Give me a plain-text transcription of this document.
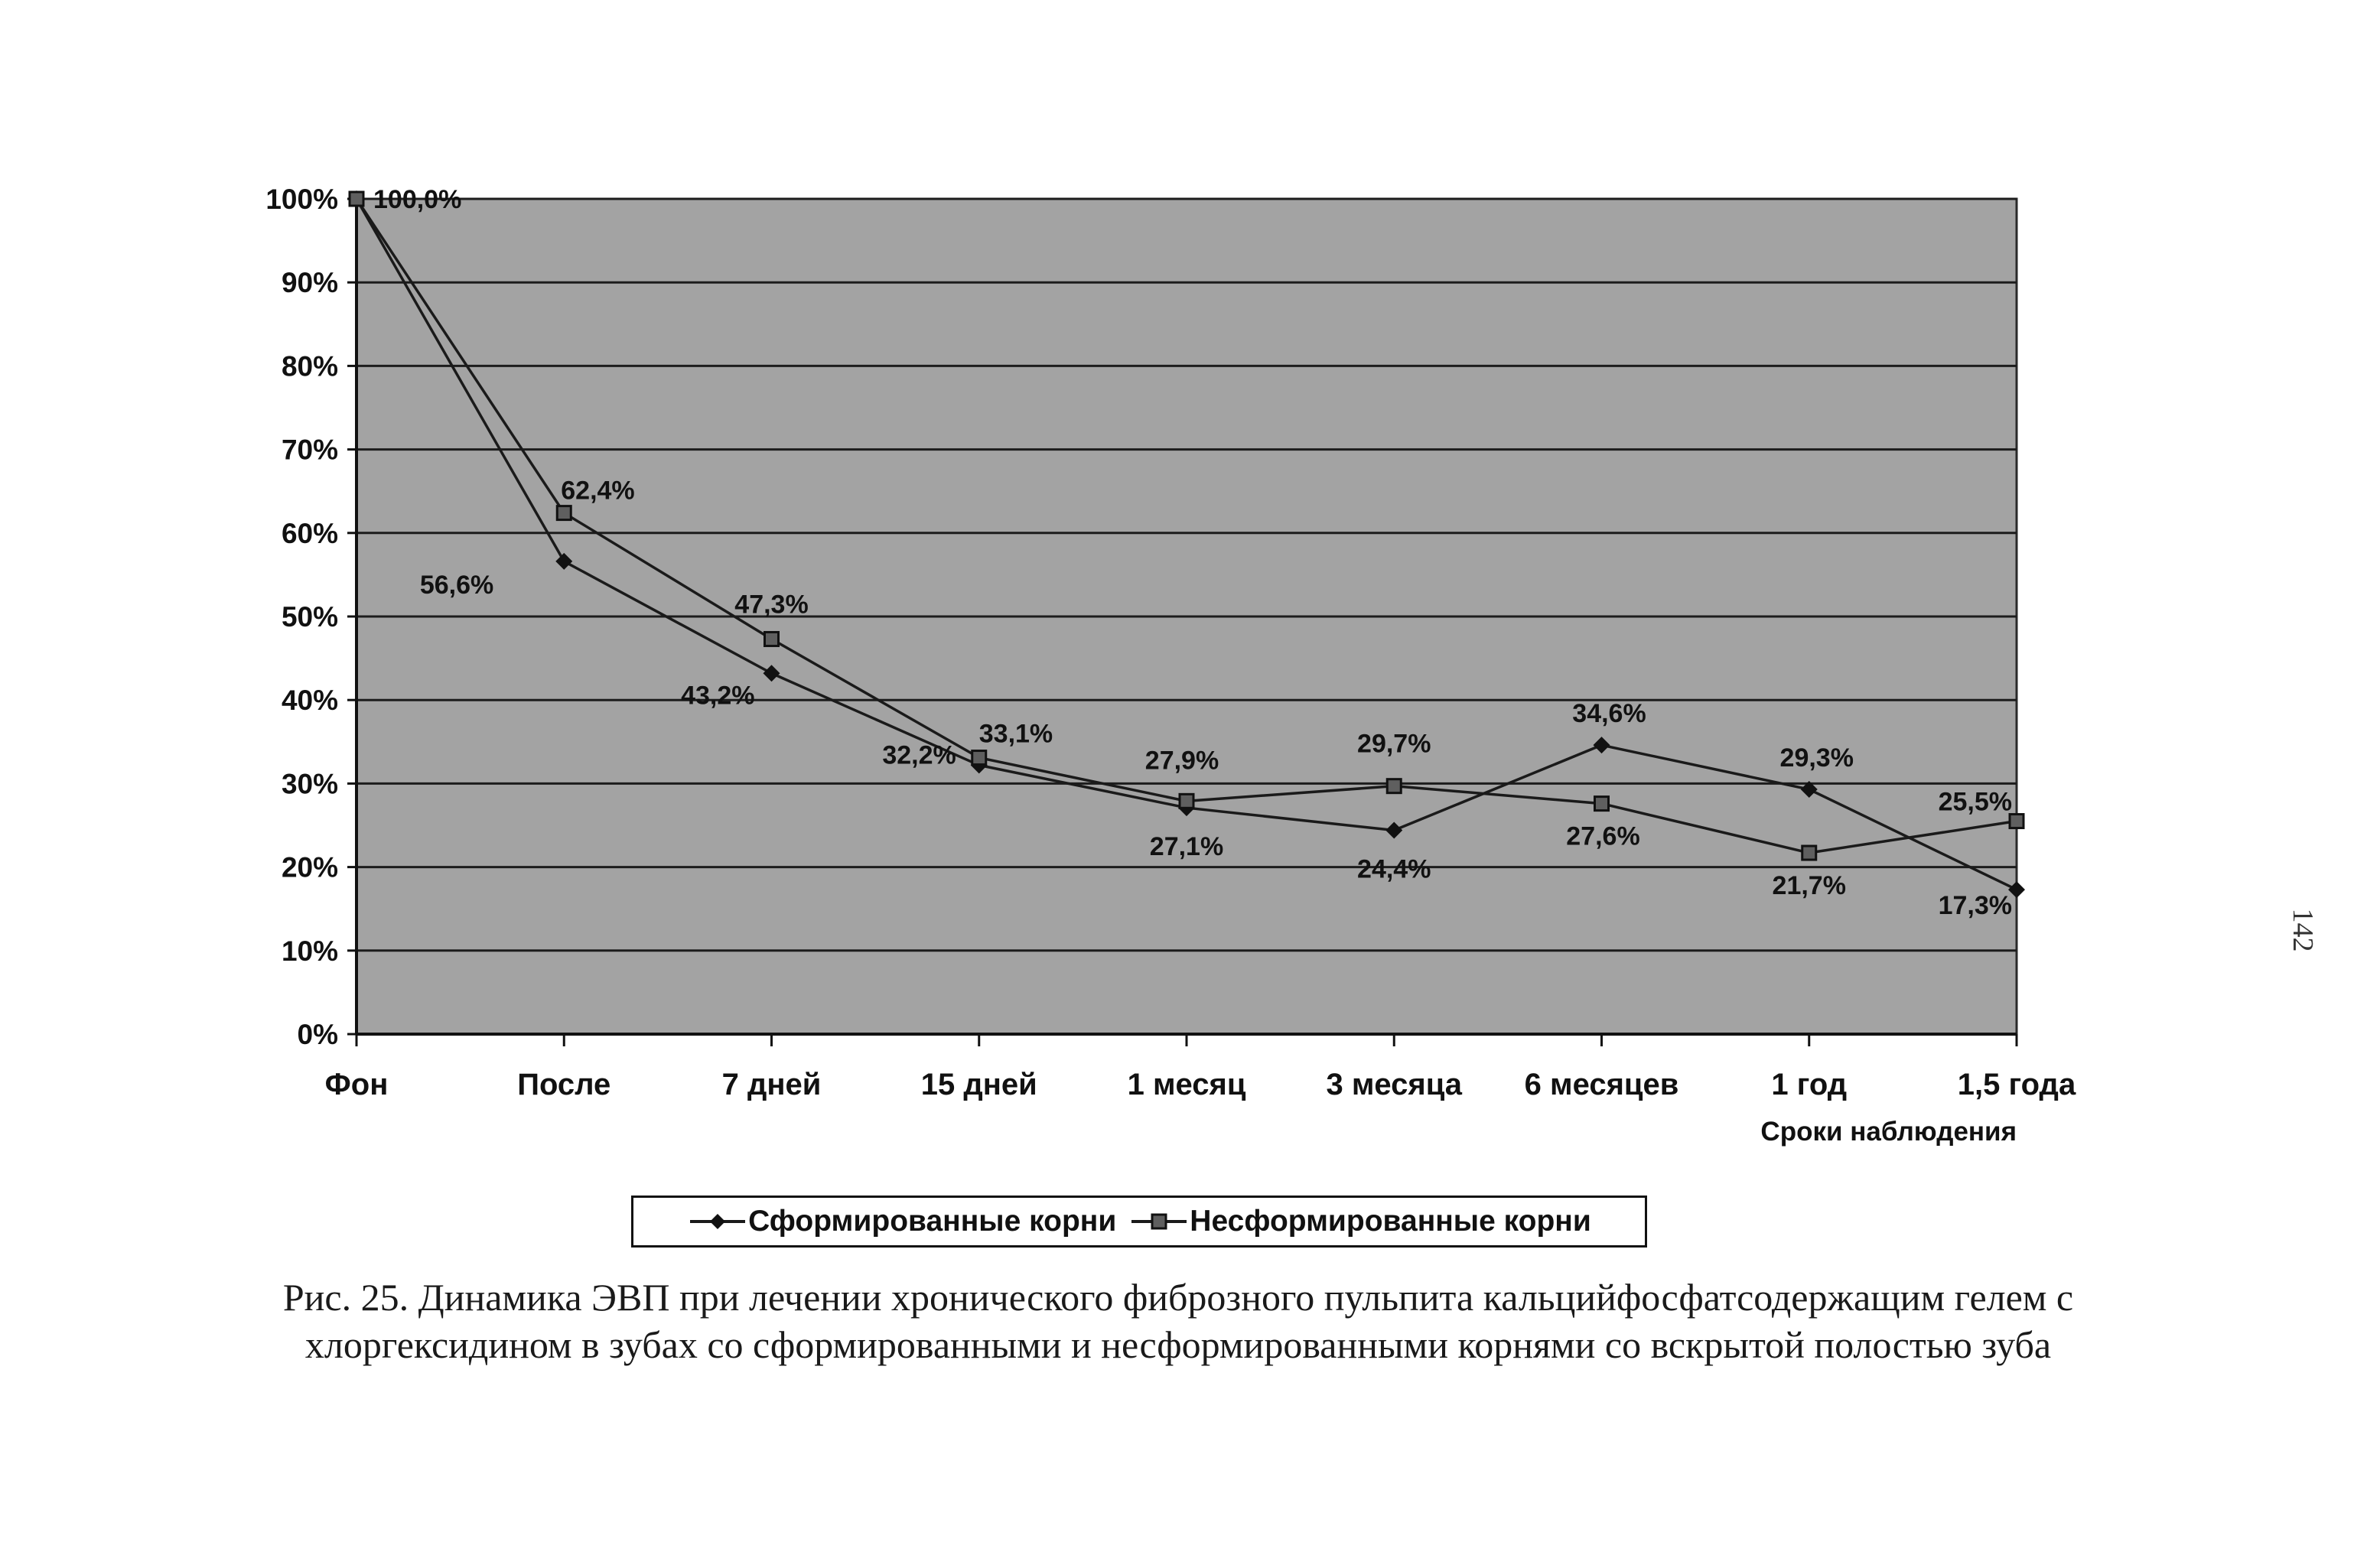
0%
10%
20%
30%
40%
50%
60%
70%
80%
90%
100%
Фон	После	7 дней	15 дней	1 месяц	3 месяца 6 месяцев	1 год	1,5 года
Сроки наблюдения
56,6%
43,2%
32,2%
27,1%
24,4%
34,6%
29,3%
17,3%
100,0%
62,4%
47,3%
33,1%
27,9%
29,7%
27,6%
21,7%
25,5%
Сформированные корни Несформированные корни
Рис. 25. Динамика ЭВП при лечении хронического фиброзного пульпита кальцийфосфатсодержащим гелем с хлоргексидином в зубах со сформированными и несформированными корнями со вскрытой полостью зуба
142
